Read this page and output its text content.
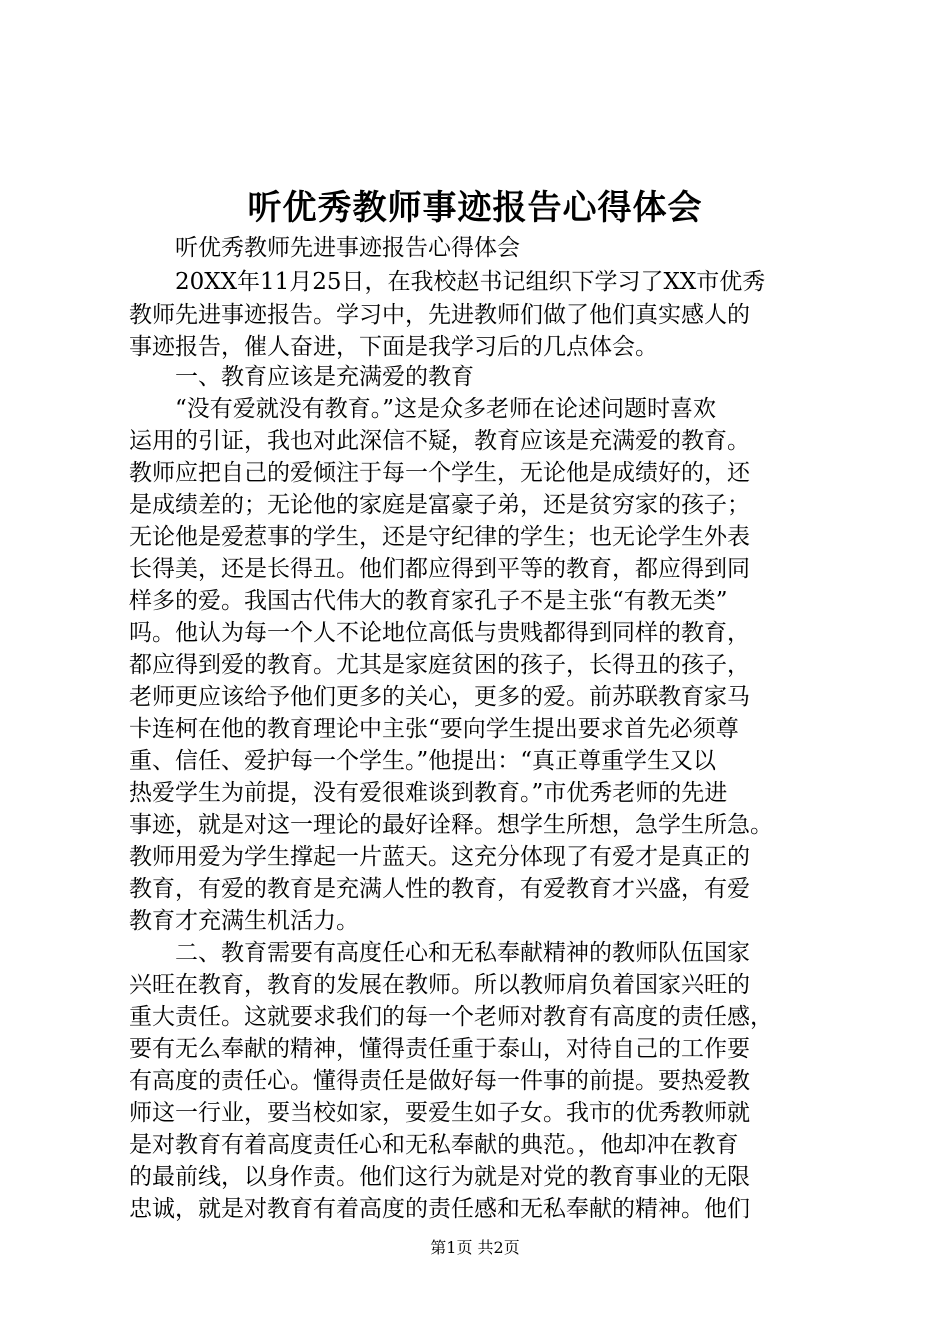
听优秀教师事迹报告心得体会
　　听优秀教师先进事迹报告心得体会
　　20XX年11月25日，在我校赵书记组织下学习了XX市优秀
教师先进事迹报告。学习中，先进教师们做了他们真实感人的
事迹报告，催人奋进，下面是我学习后的几点体会。
　　一、教育应该是充满爱的教育
　　“没有爱就没有教育。”这是众多老师在论述问题时喜欢
运用的引证，我也对此深信不疑，教育应该是充满爱的教育。
教师应把自己的爱倾注于每一个学生，无论他是成绩好的，还
是成绩差的；无论他的家庭是富豪子弟，还是贫穷家的孩子；
无论他是爱惹事的学生，还是守纪律的学生；也无论学生外表
长得美，还是长得丑。他们都应得到平等的教育，都应得到同
样多的爱。我国古代伟大的教育家孔子不是主张“有教无类”
吗。他认为每一个人不论地位高低与贵贱都得到同样的教育，
都应得到爱的教育。尤其是家庭贫困的孩子，长得丑的孩子，
老师更应该给予他们更多的关心，更多的爱。前苏联教育家马
卡连柯在他的教育理论中主张“要向学生提出要求首先必须尊
重、信任、爱护每一个学生。”他提出：“真正尊重学生又以
热爱学生为前提，没有爱很难谈到教育。”市优秀老师的先进
事迹，就是对这一理论的最好诠释。想学生所想，急学生所急。
教师用爱为学生撑起一片蓝天。这充分体现了有爱才是真正的
教育，有爱的教育是充满人性的教育，有爱教育才兴盛，有爱
教育才充满生机活力。
　　二、教育需要有高度任心和无私奉献精神的教师队伍国家
兴旺在教育，教育的发展在教师。所以教师肩负着国家兴旺的
重大责任。这就要求我们的每一个老师对教育有高度的责任感，
要有无么奉献的精神，懂得责任重于泰山，对待自己的工作要
有高度的责任心。懂得责任是做好每一件事的前提。要热爱教
师这一行业，要当校如家，要爱生如子女。我市的优秀教师就
是对教育有着高度责任心和无私奉献的典范。，他却冲在教育
的最前线，以身作责。他们这行为就是对党的教育事业的无限
忠诚，就是对教育有着高度的责任感和无私奉献的精神。他们
第1页 共2页
